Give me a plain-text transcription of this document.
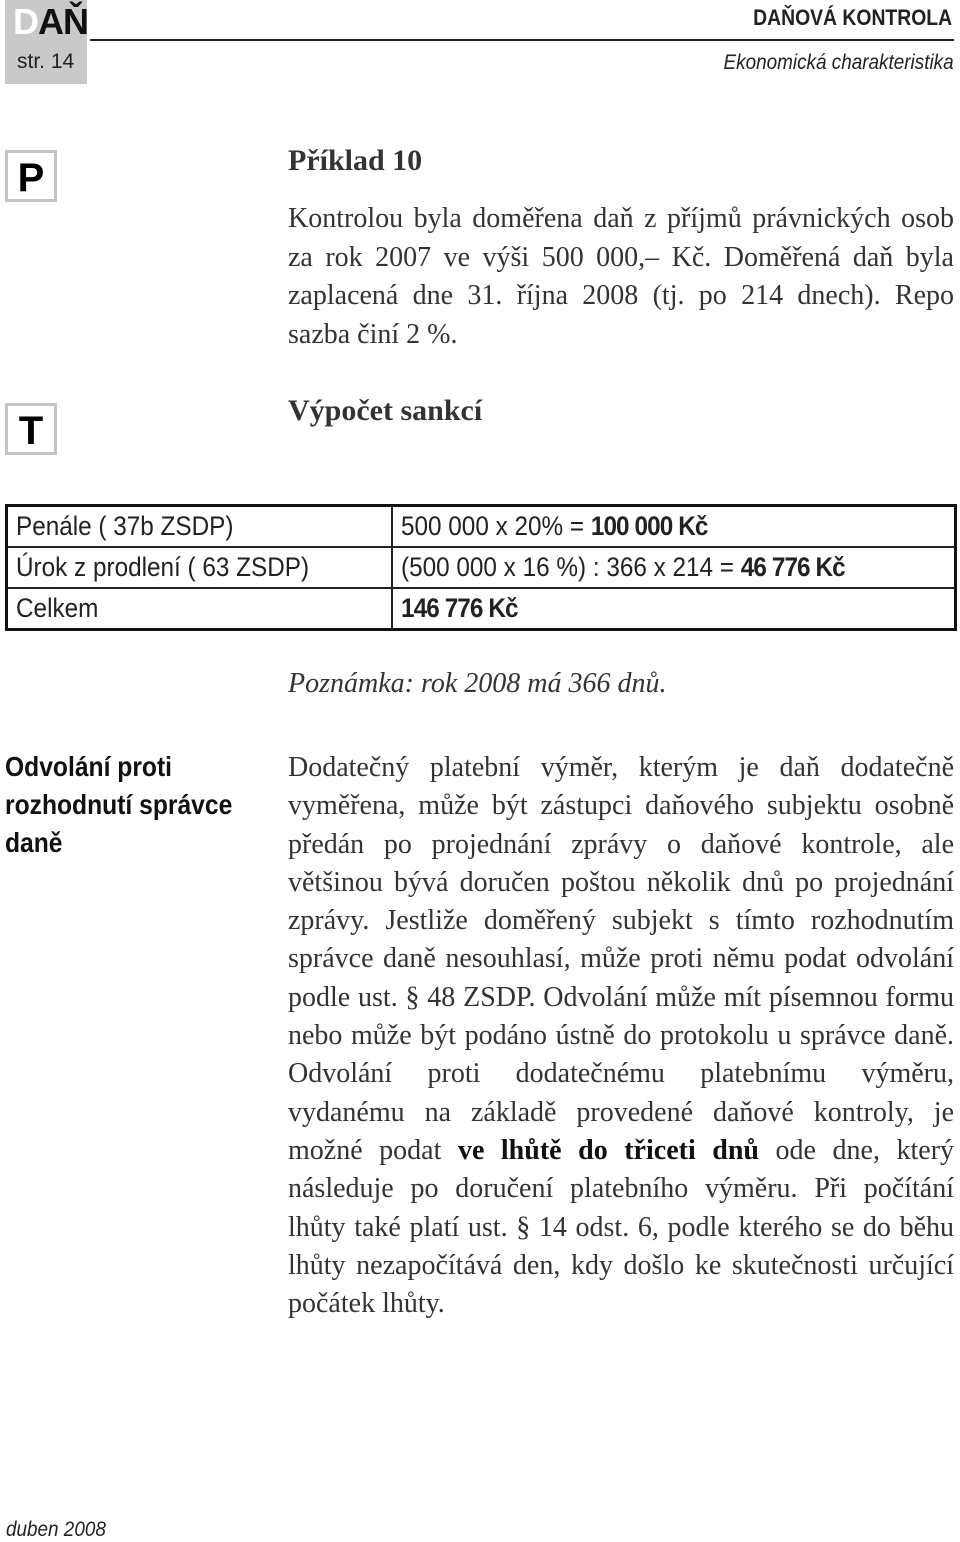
DAŇ
str. 14
DAŇOVÁ KONTROLA
Ekonomická charakteristika
P	Příklad 10
Kontrolou byla doměřena daň z příjmů právnických osob za rok 2007 ve výši 500 000,– Kč. Doměřená daň byla zaplacená dne 31. října 2008 (tj. po 214 dnech). Repo sazba činí 2 %.
T	Výpočet sankcí
Penále ( 37b ZSDP)	500 000 x 20% = 100 000 Kč
Úrok z prodlení ( 63 ZSDP)	(500 000 x 16 %) : 366 x 214 = 46 776 Kč
Celkem	146 776 Kč
Poznámka: rok 2008 má 366 dnů.
Odvolání proti
rozhodnutí správce
daně
Dodatečný platební výměr, kterým je daň dodatečně vyměřena, může být zástupci daňového subjektu osobně předán po projednání zprávy o daňové kontrole, ale většinou bývá doručen poštou několik dnů po projednání zprávy. Jestliže doměřený subjekt s tímto rozhodnutím správce daně nesouhlasí, může proti němu podat odvolání podle ust. § 48 ZSDP. Odvolání může mít písemnou formu nebo může být podáno ústně do protokolu u správce daně. Odvolání proti dodatečnému platebnímu výměru, vydanému na základě provedené daňové kontroly, je možné podat ve lhůtě do třiceti dnů ode dne, který následuje po doručení platebního výměru. Při počítání lhůty také platí ust. § 14 odst. 6, podle kterého se do běhu lhůty nezapočítává den, kdy došlo ke skutečnosti určující počátek lhůty.
duben 2008
